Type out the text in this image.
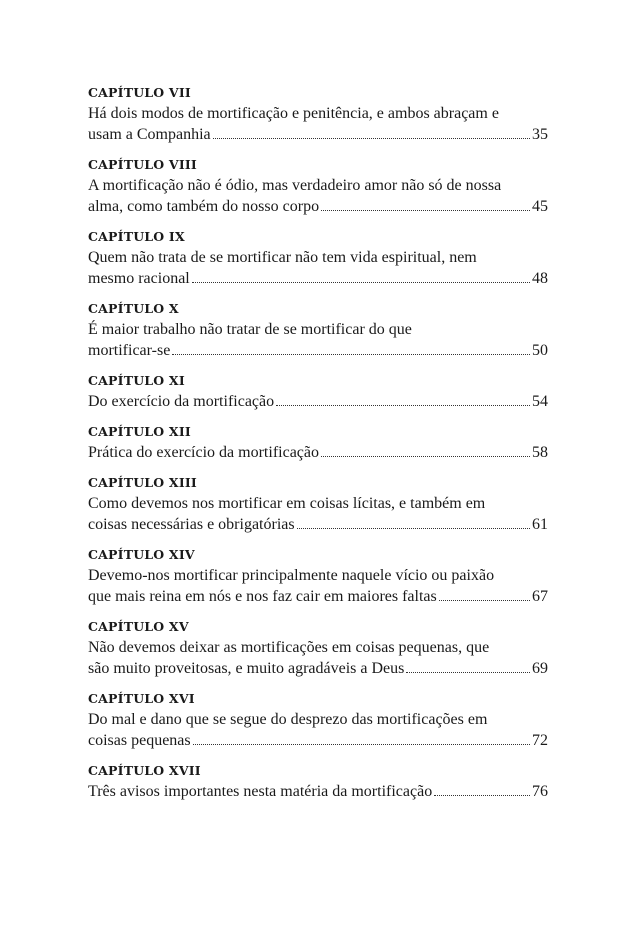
CAPÍTULO VII
Há dois modos de mortificação e penitência, e ambos abraçam e
usam a Companhia	35
CAPÍTULO VIII
A mortificação não é ódio, mas verdadeiro amor não só de nossa
alma, como também do nosso corpo	45
CAPÍTULO IX
Quem não trata de se mortificar não tem vida espiritual, nem
mesmo racional	48
CAPÍTULO X
É maior trabalho não tratar de se mortificar do que
mortificar-se	50
CAPÍTULO XI
Do exercício da mortificação	54
CAPÍTULO XII
Prática do exercício da mortificação	58
CAPÍTULO XIII
Como devemos nos mortificar em coisas lícitas, e também em
coisas necessárias e obrigatórias	61
CAPÍTULO XIV
Devemo-nos mortificar principalmente naquele vício ou paixão
que mais reina em nós e nos faz cair em maiores faltas	67
CAPÍTULO XV
Não devemos deixar as mortificações em coisas pequenas, que
são muito proveitosas, e muito agradáveis a Deus	69
CAPÍTULO XVI
Do mal e dano que se segue do desprezo das mortificações em
coisas pequenas	72
CAPÍTULO XVII
Três avisos importantes nesta matéria da mortificação	76
